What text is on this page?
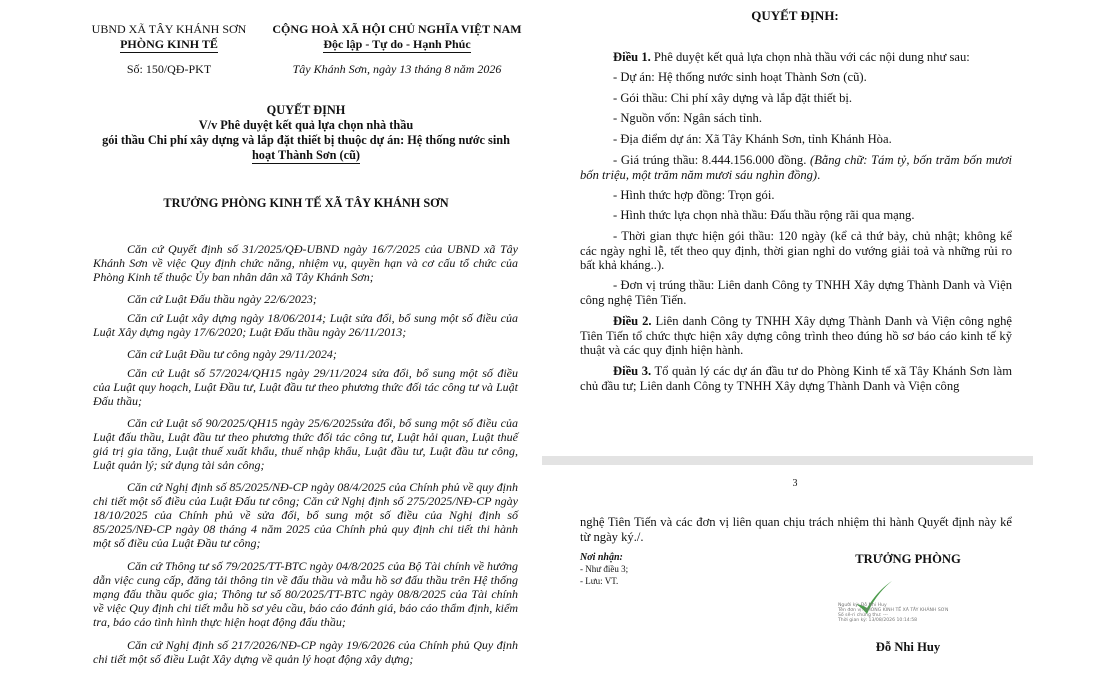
UBND XÃ TÂY KHÁNH SƠN
PHÒNG KINH TẾ
CỘNG HOÀ XÃ HỘI CHỦ NGHĨA VIỆT NAM
Độc lập - Tự do - Hạnh Phúc
Số: 150/QĐ-PKT	Tây Khánh Sơn, ngày 13 tháng 8 năm 2026
QUYẾT ĐỊNH
V/v Phê duyệt kết quả lựa chọn nhà thầu
gói thầu Chi phí xây dựng và lắp đặt thiết bị thuộc dự án: Hệ thống nước sinh
hoạt Thành Sơn (cũ)
TRƯỞNG PHÒNG KINH TẾ XÃ TÂY KHÁNH SƠN
Căn cứ Quyết định số 31/2025/QĐ-UBND ngày 16/7/2025 của UBND xã Tây Khánh Sơn về việc Quy định chức năng, nhiệm vụ, quyền hạn và cơ cấu tổ chức của Phòng Kinh tế thuộc Ủy ban nhân dân xã Tây Khánh Sơn;
Căn cứ Luật Đấu thầu ngày 22/6/2023;
Căn cứ Luật xây dựng ngày 18/06/2014; Luật sửa đổi, bổ sung một số điều của Luật Xây dựng ngày 17/6/2020; Luật Đấu thầu ngày 26/11/2013;
Căn cứ Luật Đầu tư công ngày 29/11/2024;
Căn cứ Luật số 57/2024/QH15 ngày 29/11/2024 sửa đổi, bổ sung một số điều của Luật quy hoạch, Luật Đầu tư, Luật đầu tư theo phương thức đối tác công tư và Luật Đấu thầu;
Căn cứ Luật số 90/2025/QH15 ngày 25/6/2025sửa đổi, bổ sung một số điều của Luật đấu thầu, Luật đầu tư theo phương thức đối tác công tư, Luật hải quan, Luật thuế giá trị gia tăng, Luật thuế xuất khẩu, thuế nhập khẩu, Luật đầu tư, Luật đầu tư công, Luật quản lý; sử dụng tài sản công;
Căn cứ Nghị định số 85/2025/NĐ-CP ngày 08/4/2025 của Chính phủ về quy định chi tiết một số điều của Luật Đấu tư công; Căn cứ Nghị định số 275/2025/NĐ-CP ngày 18/10/2025 của Chính phủ về sửa đổi, bổ sung một số điều của Nghị định số 85/2025/NĐ-CP ngày 08 tháng 4 năm 2025 của Chính phủ quy định chi tiết thi hành một số điều của Luật Đầu tư công;
Căn cứ Thông tư số 79/2025/TT-BTC ngày 04/8/2025 của Bộ Tài chính về hướng dẫn việc cung cấp, đăng tải thông tin về đấu thầu và mẫu hồ sơ đấu thầu trên Hệ thống mạng đấu thầu quốc gia; Thông tư số 80/2025/TT-BTC ngày 08/8/2025 của Tài chính về việc Quy định chi tiết mẫu hồ sơ yêu cầu, báo cáo đánh giá, báo cáo thẩm định, kiểm tra, báo cáo tình hình thực hiện hoạt động đấu thầu;
Căn cứ Nghị định số 217/2026/NĐ-CP ngày 19/6/2026 của Chính phủ Quy định chi tiết một số điều Luật Xây dựng về quản lý hoạt động xây dựng;
QUYẾT ĐỊNH:
Điều 1. Phê duyệt kết quả lựa chọn nhà thầu với các nội dung như sau:
- Dự án: Hệ thống nước sinh hoạt Thành Sơn (cũ).
- Gói thầu: Chi phí xây dựng và lắp đặt thiết bị.
- Nguồn vốn: Ngân sách tỉnh.
- Địa điểm dự án: Xã Tây Khánh Sơn, tỉnh Khánh Hòa.
- Giá trúng thầu: 8.444.156.000 đồng. (Bằng chữ: Tám tỷ, bốn trăm bốn mươi bốn triệu, một trăm năm mươi sáu nghìn đồng).
- Hình thức hợp đồng: Trọn gói.
- Hình thức lựa chọn nhà thầu: Đấu thầu rộng rãi qua mạng.
- Thời gian thực hiện gói thầu: 120 ngày (kể cả thứ bảy, chủ nhật; không kể các ngày nghỉ lễ, tết theo quy định, thời gian nghỉ do vướng giải toả và những rủi ro bất khả kháng..).
- Đơn vị trúng thầu: Liên danh Công ty TNHH Xây dựng Thành Danh và Viện công nghệ Tiên Tiến.
Điều 2. Liên danh Công ty TNHH Xây dựng Thành Danh và Viện công nghệ Tiên Tiến tổ chức thực hiện xây dựng công trình theo đúng hồ sơ báo cáo kinh tế kỹ thuật và các quy định hiện hành.
Điều 3. Tổ quản lý các dự án đầu tư do Phòng Kinh tế xã Tây Khánh Sơn làm chủ đầu tư; Liên danh Công ty TNHH Xây dựng Thành Danh và Viện công
3
nghệ Tiên Tiến và các đơn vị liên quan chịu trách nhiệm thi hành Quyết định này kể từ ngày ký./.
Nơi nhận:
- Như điều 3;
- Lưu: VT.
TRƯỞNG PHÒNG
Người ký: Đỗ Nhi Huy
Tên đơn vị: PHÒNG KINH TẾ XÃ TÂY KHÁNH SƠN
Số sê-ri chứng thư: ---
Thời gian ký: 13/08/2026 10:14:58
Đỗ Nhi Huy
